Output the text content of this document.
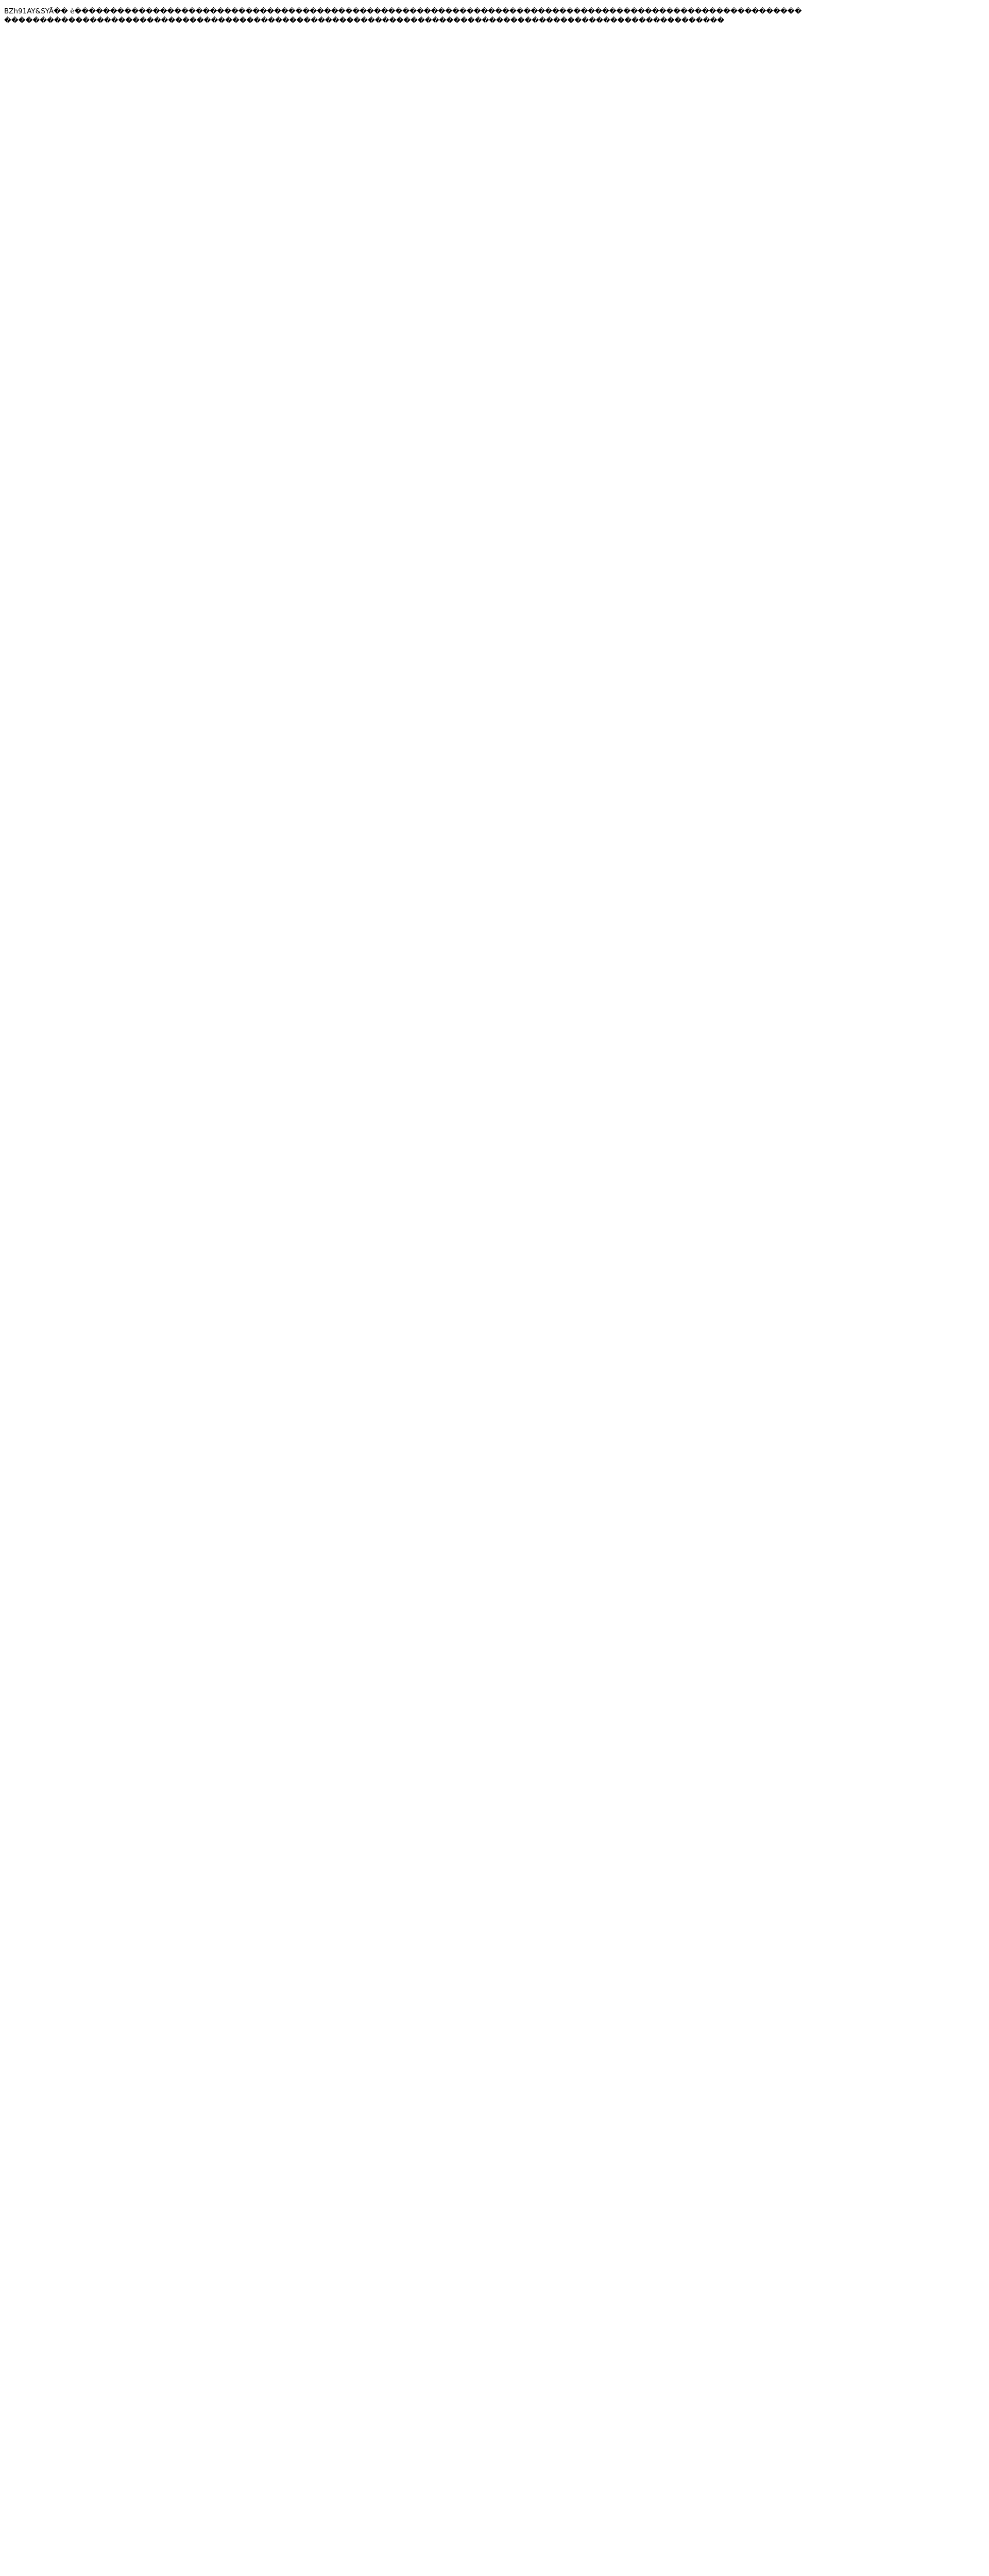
BZh91AY&SYÃ�� è������������������������������������������������������������������������������������������������������
�����������������������������������������������������������������������������������������������������
